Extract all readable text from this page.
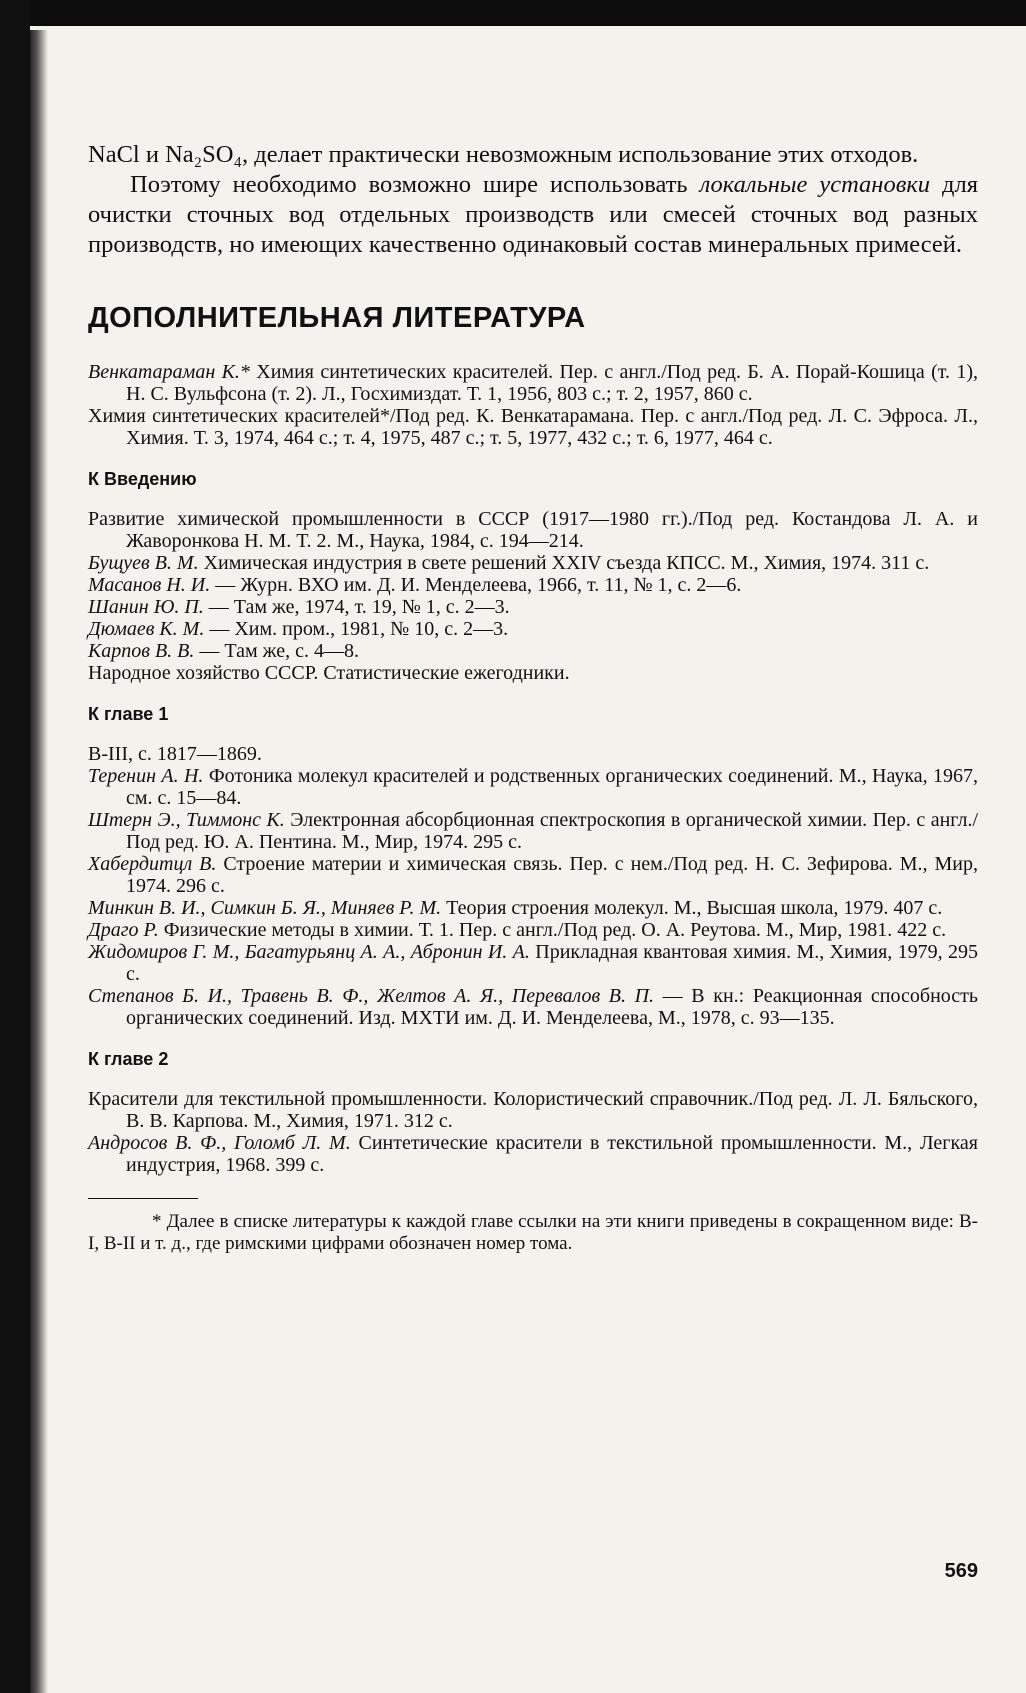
NaCl и Na₂SO₄, делает практически невозможным использование этих отходов.

Поэтому необходимо возможно шире использовать локальные установки для очистки сточных вод отдельных производств или смесей сточных вод разных производств, но имеющих качественно одинаковый состав минеральных примесей.

ДОПОЛНИТЕЛЬНАЯ ЛИТЕРАТУРА
Венкатараман К.* Химия синтетических красителей. Пер. с англ./Под ред. Б. А. Порай-Кошица (т. 1), Н. С. Вульфсона (т. 2). Л., Госхимиздат. Т. 1, 1956, 803 с.; т. 2, 1957, 860 с.
Химия синтетических красителей*/Под ред. К. Венкатарамана. Пер. с англ./Под ред. Л. С. Эфроса. Л., Химия. Т. 3, 1974, 464 с.; т. 4, 1975, 487 с.; т. 5, 1977, 432 с.; т. 6, 1977, 464 с.
К Введению
Развитие химической промышленности в СССР (1917—1980 гг.)./Под ред. Костандова Л. А. и Жаворонкова Н. М. Т. 2. М., Наука, 1984, с. 194—214.
Бущуев В. М. Химическая индустрия в свете решений XXIV съезда КПСС. М., Химия, 1974. 311 с.
Масанов Н. И. — Журн. ВХО им. Д. И. Менделеева, 1966, т. 11, № 1, с. 2—6.
Шанин Ю. П. — Там же, 1974, т. 19, № 1, с. 2—3.
Дюмаев К. М. — Хим. пром., 1981, № 10, с. 2—3.
Карпов В. В. — Там же, с. 4—8.
Народное хозяйство СССР. Статистические ежегодники.
К главе 1
В-III, с. 1817—1869.
Теренин А. Н. Фотоника молекул красителей и родственных органических соединений. М., Наука, 1967, см. с. 15—84.
Штерн Э., Тиммонс К. Электронная абсорбционная спектроскопия в органической химии. Пер. с англ./Под ред. Ю. А. Пентина. М., Мир, 1974. 295 с.
Хабердитцл В. Строение материи и химическая связь. Пер. с нем./Под ред. Н. С. Зефирова. М., Мир, 1974. 296 с.
Минкин В. И., Симкин Б. Я., Миняев Р. М. Теория строения молекул. М., Высшая школа, 1979. 407 с.
Драго Р. Физические методы в химии. Т. 1. Пер. с англ./Под ред. О. А. Реутова. М., Мир, 1981. 422 с.
Жидомиров Г. М., Багатурьянц А. А., Абронин И. А. Прикладная квантовая химия. М., Химия, 1979, 295 с.
Степанов Б. И., Травень В. Ф., Желтов А. Я., Перевалов В. П. — В кн.: Реакционная способность органических соединений. Изд. МХТИ им. Д. И. Менделеева, М., 1978, с. 93—135.
К главе 2
Красители для текстильной промышленности. Колористический справочник./Под ред. Л. Л. Бяльского, В. В. Карпова. М., Химия, 1971. 312 с.
Андросов В. Ф., Голомб Л. М. Синтетические красители в текстильной промышленности. М., Легкая индустрия, 1968. 399 с.

* Далее в списке литературы к каждой главе ссылки на эти книги приведены в сокращенном виде: В-I, В-II и т. д., где римскими цифрами обозначен номер тома.

569
